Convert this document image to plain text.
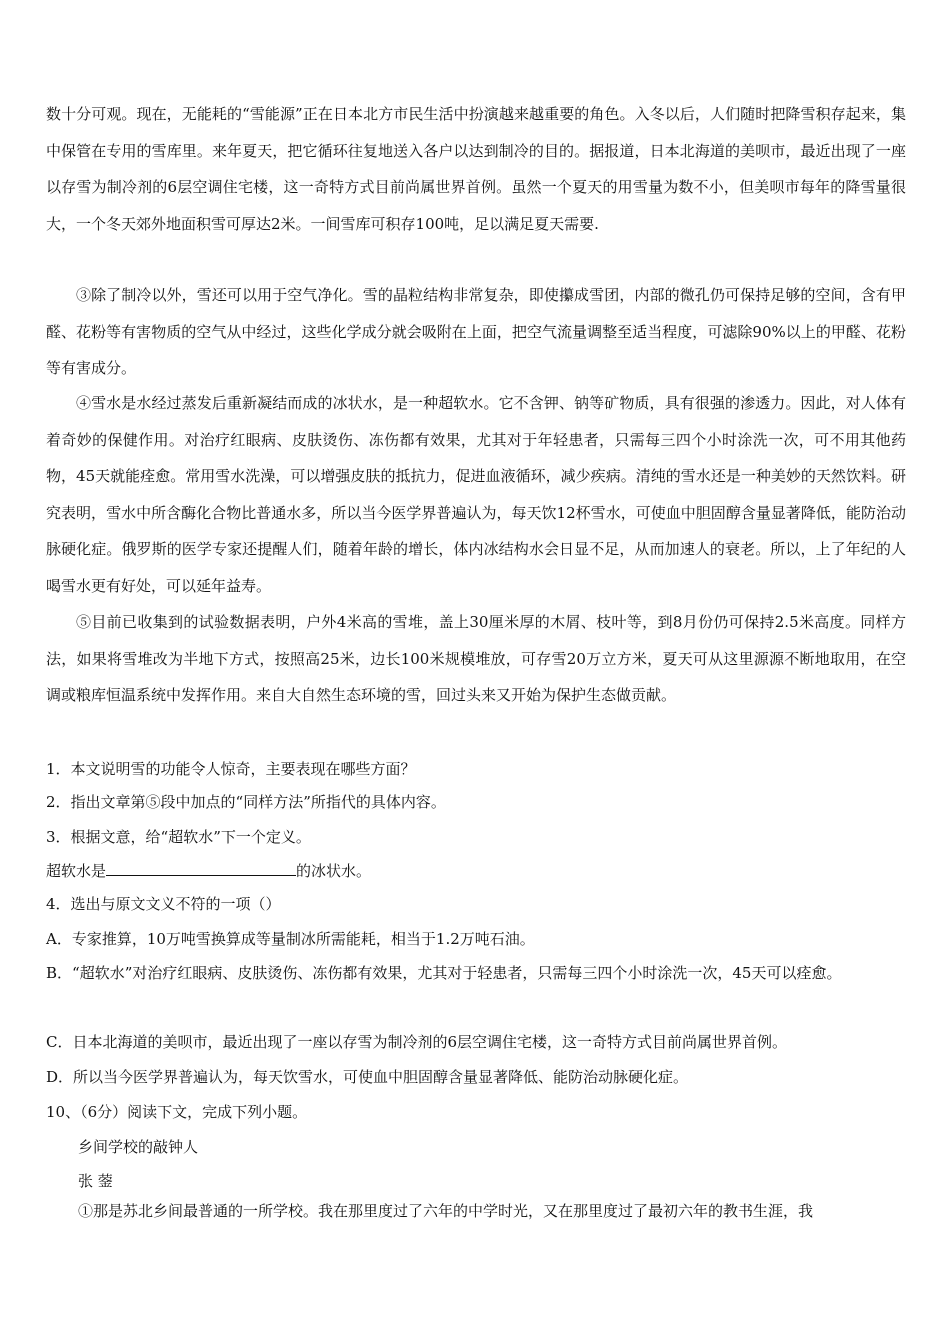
数十分可观。现在，无能耗的“雪能源”正在日本北方市民生活中扮演越来越重要的角色。入冬以后，人们随时把降雪积存起来，集中保管在专用的雪库里。来年夏天，把它循环往复地送入各户以达到制冷的目的。据报道，日本北海道的美呗市，最近出现了一座以存雪为制冷剂的6层空调住宅楼，这一奇特方式目前尚属世界首例。虽然一个夏天的用雪量为数不小，但美呗市每年的降雪量很大，一个冬天郊外地面积雪可厚达2米。一间雪库可积存100吨，足以满足夏天需要.

③除了制冷以外，雪还可以用于空气净化。雪的晶粒结构非常复杂，即使攥成雪团，内部的微孔仍可保持足够的空间，含有甲醛、花粉等有害物质的空气从中经过，这些化学成分就会吸附在上面，把空气流量调整至适当程度，可滤除90%以上的甲醛、花粉等有害成分。

④雪水是水经过蒸发后重新凝结而成的冰状水，是一种超软水。它不含钾、钠等矿物质，具有很强的渗透力。因此，对人体有着奇妙的保健作用。对治疗红眼病、皮肤烫伤、冻伤都有效果，尤其对于年轻患者，只需每三四个小时涂洗一次，可不用其他药物，45天就能痊愈。常用雪水洗澡，可以增强皮肤的抵抗力，促进血液循环，减少疾病。清纯的雪水还是一种美妙的天然饮料。研究表明，雪水中所含酶化合物比普通水多，所以当今医学界普遍认为，每天饮12杯雪水，可使血中胆固醇含量显著降低，能防治动脉硬化症。俄罗斯的医学专家还提醒人们，随着年龄的增长，体内冰结构水会日显不足，从而加速人的衰老。所以，上了年纪的人喝雪水更有好处，可以延年益寿。

⑤目前已收集到的试验数据表明，户外4米高的雪堆，盖上30厘米厚的木屑、枝叶等，到8月份仍可保持2.5米高度。同样方法，如果将雪堆改为半地下方式，按照高25米，边长100米规模堆放，可存雪20万立方米，夏天可从这里源源不断地取用，在空调或粮库恒温系统中发挥作用。来自大自然生态环境的雪，回过头来又开始为保护生态做贡献。

1．本文说明雪的功能令人惊奇，主要表现在哪些方面？

2．指出文章第⑤段中加点的“同样方法”所指代的具体内容。

3．根据文意，给“超软水”下一个定义。

超软水是	的冰状水。

4．选出与原文文义不符的一项（）

A．专家推算，10万吨雪换算成等量制冰所需能耗，相当于1.2万吨石油。

B．“超软水”对治疗红眼病、皮肤烫伤、冻伤都有效果，尤其对于轻患者，只需每三四个小时涂洗一次，45天可以痊愈。

C．日本北海道的美呗市，最近出现了一座以存雪为制冷剂的6层空调住宅楼，这一奇特方式目前尚属世界首例。

D．所以当今医学界普遍认为，每天饮雪水，可使血中胆固醇含量显著降低、能防治动脉硬化症。

10、（6分）阅读下文，完成下列小题。

乡间学校的敲钟人

张 蓥

①那是苏北乡间最普通的一所学校。我在那里度过了六年的中学时光，又在那里度过了最初六年的教书生涯，我
